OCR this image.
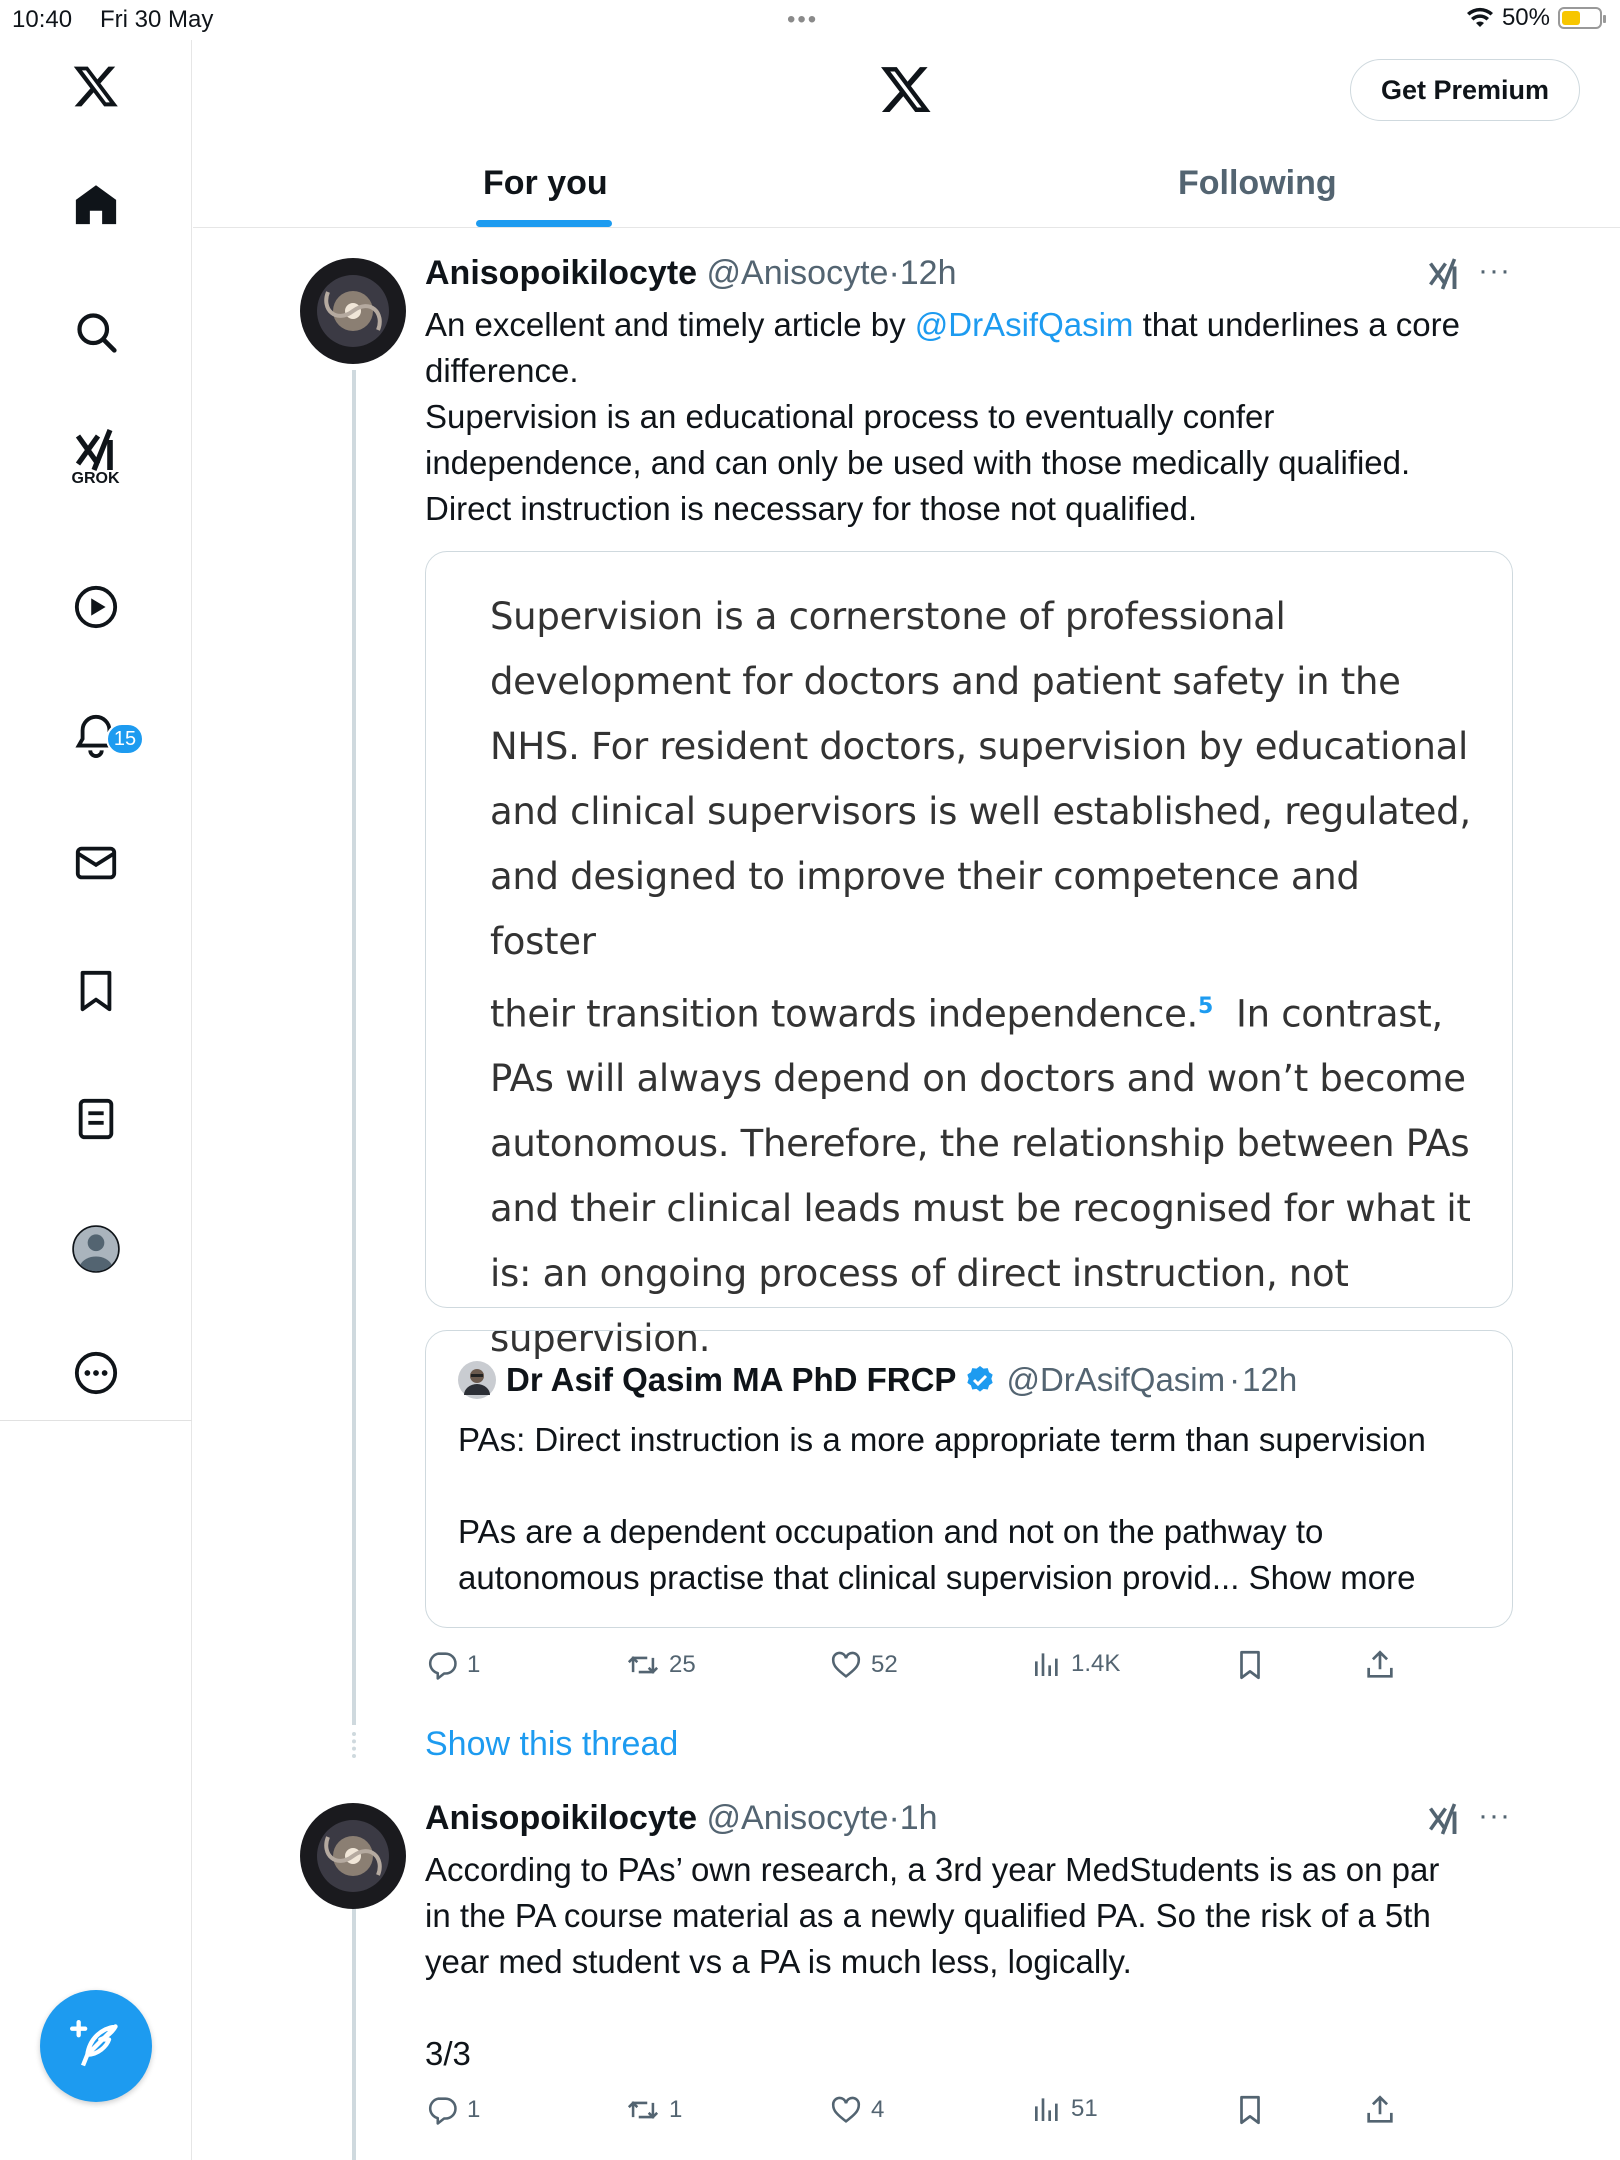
10:40 Fri 30 May	•••	50%
GROK
15
Get Premium
For you	Following
Anisopoikilocyte @Anisocyte·12h	···
An excellent and timely article by @DrAsifQasim that underlines a core
difference.
Supervision is an educational process to eventually confer
independence, and can only be used with those medically qualified.
Direct instruction is necessary for those not qualified.

Supervision is a cornerstone of professional

development for doctors and patient safety in the

NHS. For resident doctors, supervision by educational

and clinical supervisors is well established, regulated,

and designed to improve their competence and foster

their transition towards independence.$^5$  In contrast,

PAs will always depend on doctors and won’t become

autonomous. Therefore, the relationship between PAs

and their clinical leads must be recognised for what it

is: an ongoing process of direct instruction, not

supervision.

Dr Asif Qasim MA PhD FRCP @DrAsifQasim · 12h
PAs: Direct instruction is a more appropriate term than supervision
PAs are a dependent occupation and not on the pathway to
autonomous practise that clinical supervision provid... Show more
1	25	52	1.4K
Show this thread
Anisopoikilocyte @Anisocyte·1h	···
According to PAs’ own research, a 3rd year MedStudents is as on par
in the PA course material as a newly qualified PA. So the risk of a 5th
year med student vs a PA is much less, logically.
3/3
1	1	4	51
